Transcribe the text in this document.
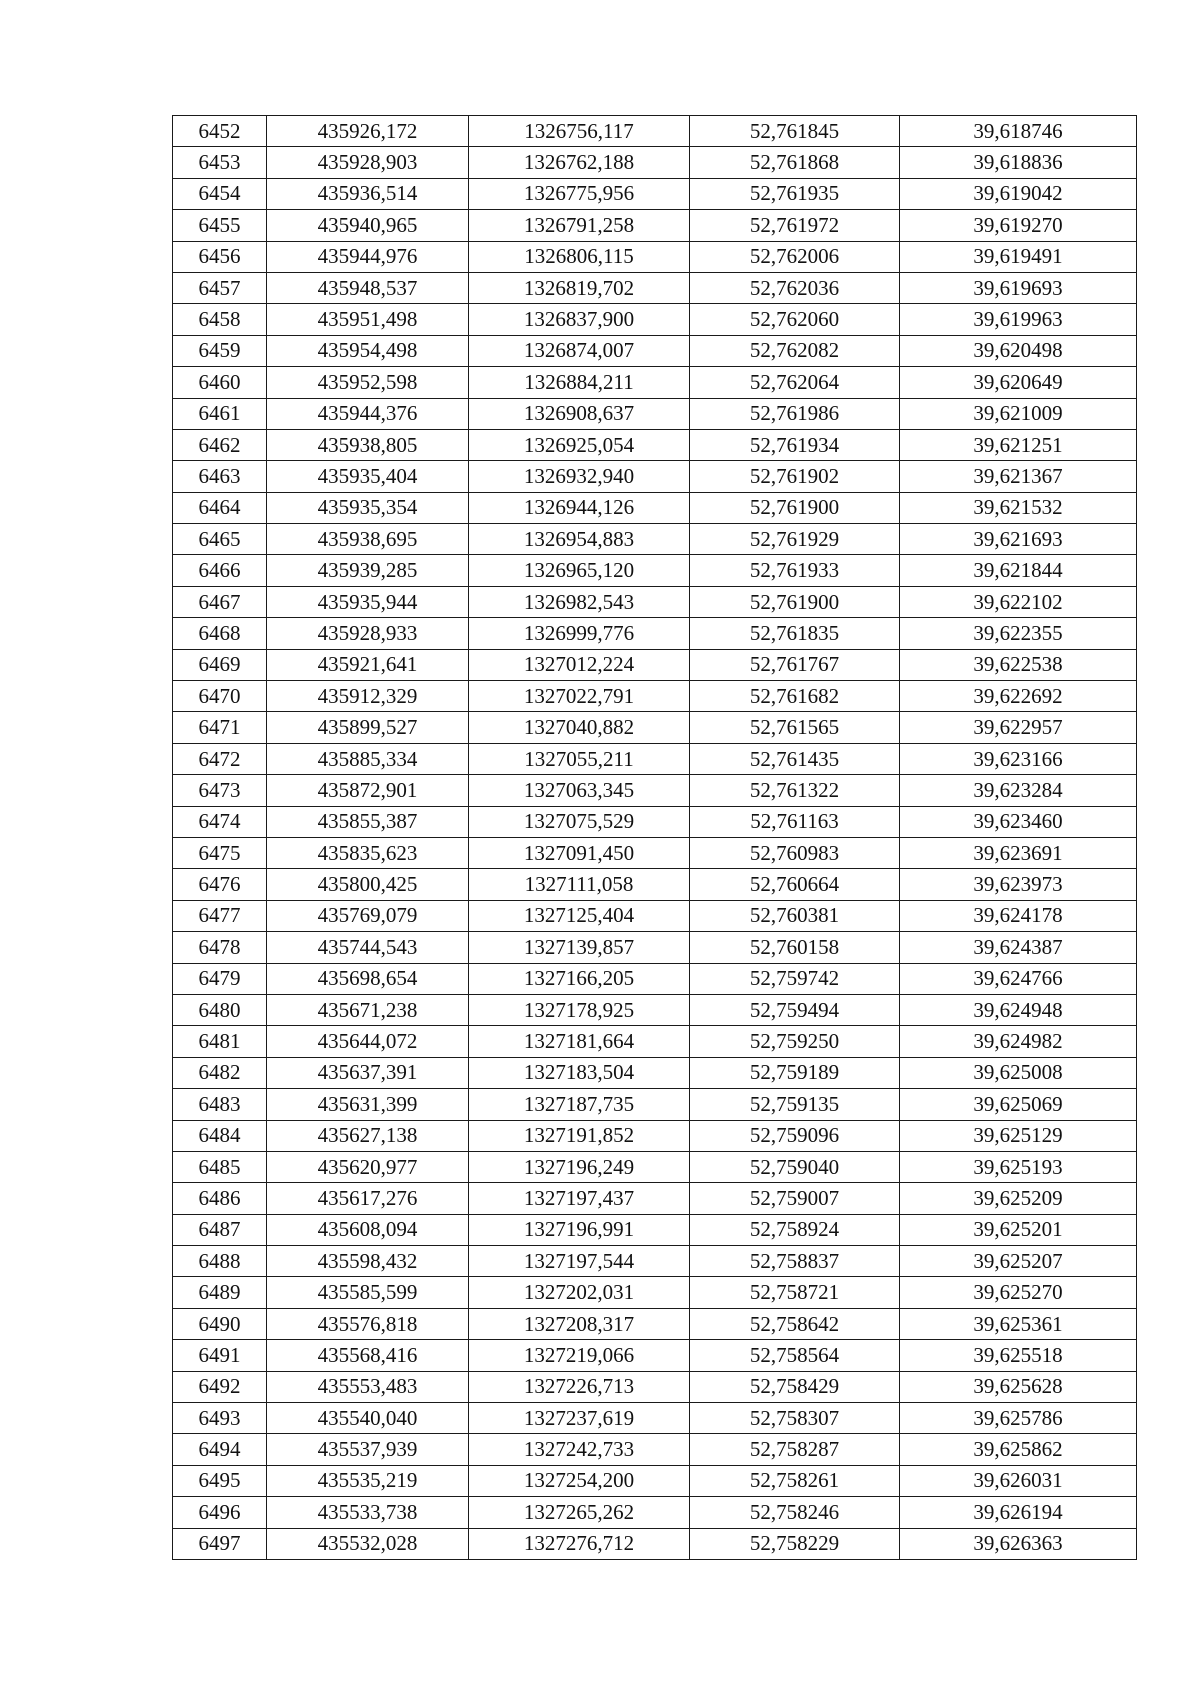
6452	435926,172	1326756,117	52,761845	39,618746
6453	435928,903	1326762,188	52,761868	39,618836
6454	435936,514	1326775,956	52,761935	39,619042
6455	435940,965	1326791,258	52,761972	39,619270
6456	435944,976	1326806,115	52,762006	39,619491
6457	435948,537	1326819,702	52,762036	39,619693
6458	435951,498	1326837,900	52,762060	39,619963
6459	435954,498	1326874,007	52,762082	39,620498
6460	435952,598	1326884,211	52,762064	39,620649
6461	435944,376	1326908,637	52,761986	39,621009
6462	435938,805	1326925,054	52,761934	39,621251
6463	435935,404	1326932,940	52,761902	39,621367
6464	435935,354	1326944,126	52,761900	39,621532
6465	435938,695	1326954,883	52,761929	39,621693
6466	435939,285	1326965,120	52,761933	39,621844
6467	435935,944	1326982,543	52,761900	39,622102
6468	435928,933	1326999,776	52,761835	39,622355
6469	435921,641	1327012,224	52,761767	39,622538
6470	435912,329	1327022,791	52,761682	39,622692
6471	435899,527	1327040,882	52,761565	39,622957
6472	435885,334	1327055,211	52,761435	39,623166
6473	435872,901	1327063,345	52,761322	39,623284
6474	435855,387	1327075,529	52,761163	39,623460
6475	435835,623	1327091,450	52,760983	39,623691
6476	435800,425	1327111,058	52,760664	39,623973
6477	435769,079	1327125,404	52,760381	39,624178
6478	435744,543	1327139,857	52,760158	39,624387
6479	435698,654	1327166,205	52,759742	39,624766
6480	435671,238	1327178,925	52,759494	39,624948
6481	435644,072	1327181,664	52,759250	39,624982
6482	435637,391	1327183,504	52,759189	39,625008
6483	435631,399	1327187,735	52,759135	39,625069
6484	435627,138	1327191,852	52,759096	39,625129
6485	435620,977	1327196,249	52,759040	39,625193
6486	435617,276	1327197,437	52,759007	39,625209
6487	435608,094	1327196,991	52,758924	39,625201
6488	435598,432	1327197,544	52,758837	39,625207
6489	435585,599	1327202,031	52,758721	39,625270
6490	435576,818	1327208,317	52,758642	39,625361
6491	435568,416	1327219,066	52,758564	39,625518
6492	435553,483	1327226,713	52,758429	39,625628
6493	435540,040	1327237,619	52,758307	39,625786
6494	435537,939	1327242,733	52,758287	39,625862
6495	435535,219	1327254,200	52,758261	39,626031
6496	435533,738	1327265,262	52,758246	39,626194
6497	435532,028	1327276,712	52,758229	39,626363
